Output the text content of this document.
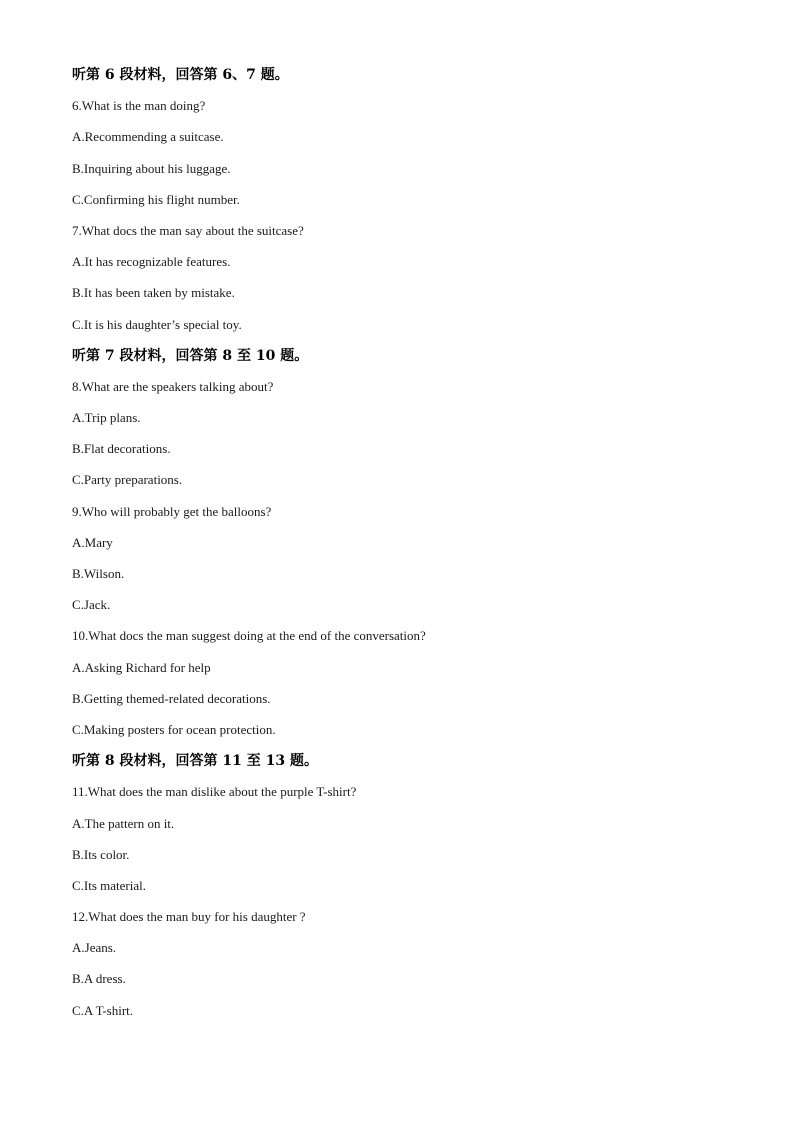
听第 6 段材料，回答第 6、7 题。
6.What is the man doing?
A.Recommending a suitcase.
B.Inquiring about his luggage.
C.Confirming his flight number.
7.What docs the man say about the suitcase?
A.It has recognizable features.
B.It has been taken by mistake.
C.It is his daughter’s special toy.
听第 7 段材料，回答第 8 至 10 题。
8.What are the speakers talking about?
A.Trip plans.
B.Flat decorations.
C.Party preparations.
9.Who will probably get the balloons?
A.Mary
B.Wilson.
C.Jack.
10.What docs the man suggest doing at the end of the conversation?
A.Asking Richard for help
B.Getting themed-related decorations.
C.Making posters for ocean protection.
听第 8 段材料，回答第 11 至 13 题。
11.What does the man dislike about the purple T-shirt?
A.The pattern on it.
B.Its color.
C.Its material.
12.What does the man buy for his daughter ?
A.Jeans.
B.A dress.
C.A T-shirt.
